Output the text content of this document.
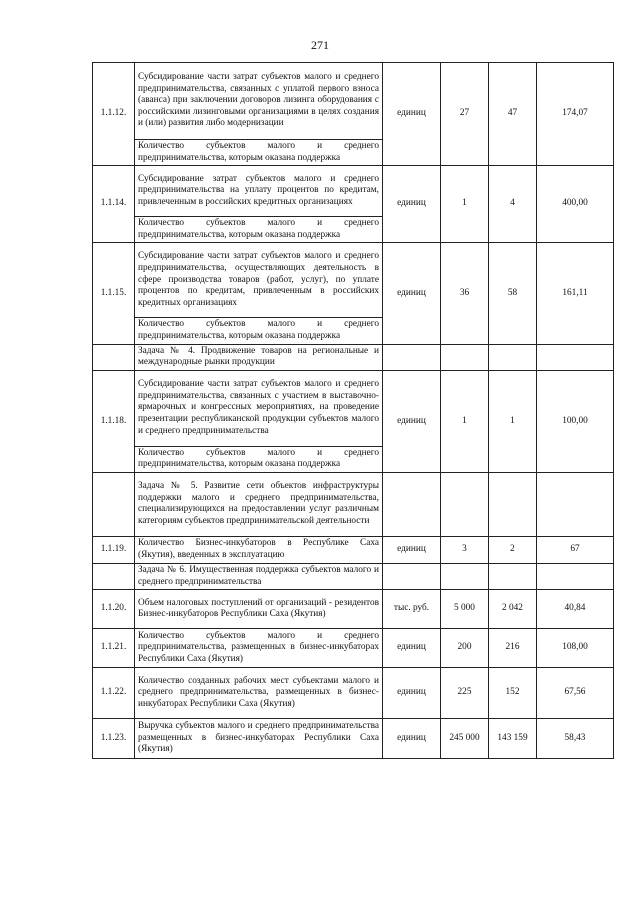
271
1.1.12.	Субсидирование части затрат субъектов малого и среднего предпринимательства, связанных с уплатой первого взноса (аванса) при заключении договоров лизинга оборудования с российскими лизинговыми организациями в целях создания и (или) развития либо модернизации	единиц	27	47	174,07
	Количество субъектов малого и среднего предпринимательства, которым оказана поддержка				
1.1.14.	Субсидирование затрат субъектов малого и среднего предпринимательства на уплату процентов по кредитам, привлеченным в российских кредитных организациях	единиц	1	4	400,00
	Количество субъектов малого и среднего предпринимательства, которым оказана поддержка				
1.1.15.	Субсидирование части затрат субъектов малого и среднего предпринимательства, осуществляющих деятельность в сфере производства товаров (работ, услуг), по уплате процентов по кредитам, привлеченным в российских кредитных организациях	единиц	36	58	161,11
	Количество субъектов малого и среднего предпринимательства, которым оказана поддержка				
	Задача № 4. Продвижение товаров на региональные и международные рынки продукции				
1.1.18.	Субсидирование части затрат субъектов малого и среднего предпринимательства, связанных с участием в выставочно-ярмарочных и конгрессных мероприятиях, на проведение презентации республиканской продукции субъектов малого и среднего предпринимательства	единиц	1	1	100,00
	Количество субъектов малого и среднего предпринимательства, которым оказана поддержка				
	Задача № 5. Развитие сети объектов инфраструктуры поддержки малого и среднего предпринимательства, специализирующихся на предоставлении услуг различным категориям субъектов предпринимательской деятельности				
1.1.19.	Количество Бизнес-инкубаторов в Республике Саха (Якутия), введенных в эксплуатацию	единиц	3	2	67
	Задача № 6. Имущественная поддержка субъектов малого и среднего предпринимательства				
1.1.20.	Объем налоговых поступлений от организаций - резидентов Бизнес-инкубаторов Республики Саха (Якутия)	тыс. руб.	5 000	2 042	40,84
1.1.21.	Количество субъектов малого и среднего предпринимательства, размещенных в бизнес-инкубаторах Республики Саха (Якутия)	единиц	200	216	108,00
1.1.22.	Количество созданных рабочих мест субъектами малого и среднего предпринимательства, размещенных в бизнес-инкубаторах Республики Саха (Якутия)	единиц	225	152	67,56
1.1.23.	Выручка субъектов малого и среднего предпринимательства размещенных в бизнес-инкубаторах Республики Саха (Якутия)	единиц	245 000	143 159	58,43
